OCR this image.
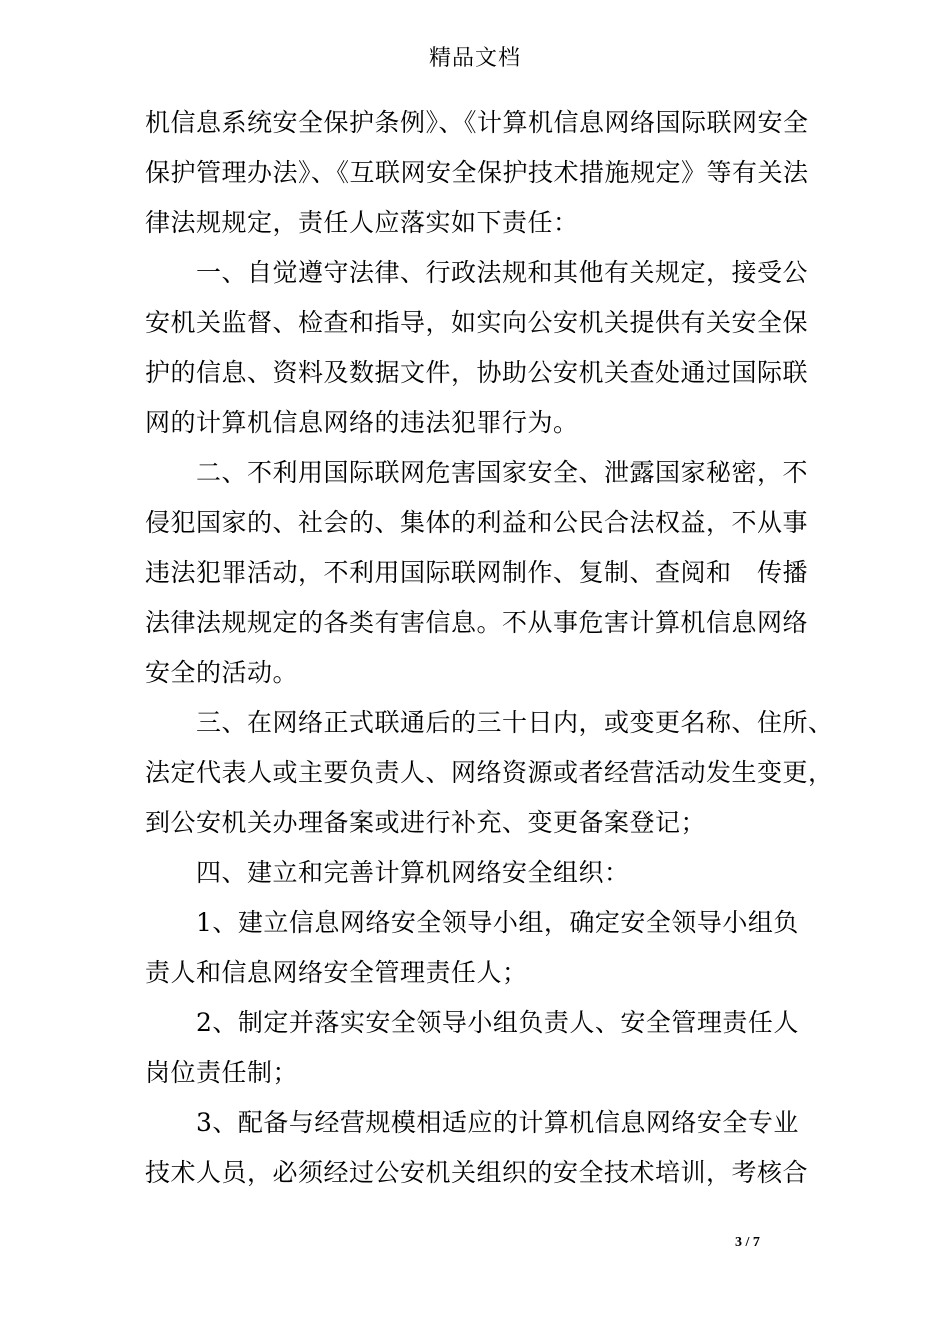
精品文档
机信息系统安全保护条例》、《计算机信息网络国际联网安全
保护管理办法》、《互联网安全保护技术措施规定》等有关法
律法规规定，责任人应落实如下责任：
　　一、自觉遵守法律、行政法规和其他有关规定，接受公
安机关监督、检查和指导，如实向公安机关提供有关安全保
护的信息、资料及数据文件，协助公安机关查处通过国际联
网的计算机信息网络的违法犯罪行为。
　　二、不利用国际联网危害国家安全、泄露国家秘密，不
侵犯国家的、社会的、集体的利益和公民合法权益，不从事
违法犯罪活动，不利用国际联网制作、复制、查阅和　传播
法律法规规定的各类有害信息。不从事危害计算机信息网络
安全的活动。
　　三、在网络正式联通后的三十日内，或变更名称、住所、
法定代表人或主要负责人、网络资源或者经营活动发生变更，
到公安机关办理备案或进行补充、变更备案登记；
　　四、建立和完善计算机网络安全组织：
　　1、建立信息网络安全领导小组，确定安全领导小组负
责人和信息网络安全管理责任人；
　　2、制定并落实安全领导小组负责人、安全管理责任人
岗位责任制；
　　3、配备与经营规模相适应的计算机信息网络安全专业
技术人员，必须经过公安机关组织的安全技术培训，考核合
3 / 7
